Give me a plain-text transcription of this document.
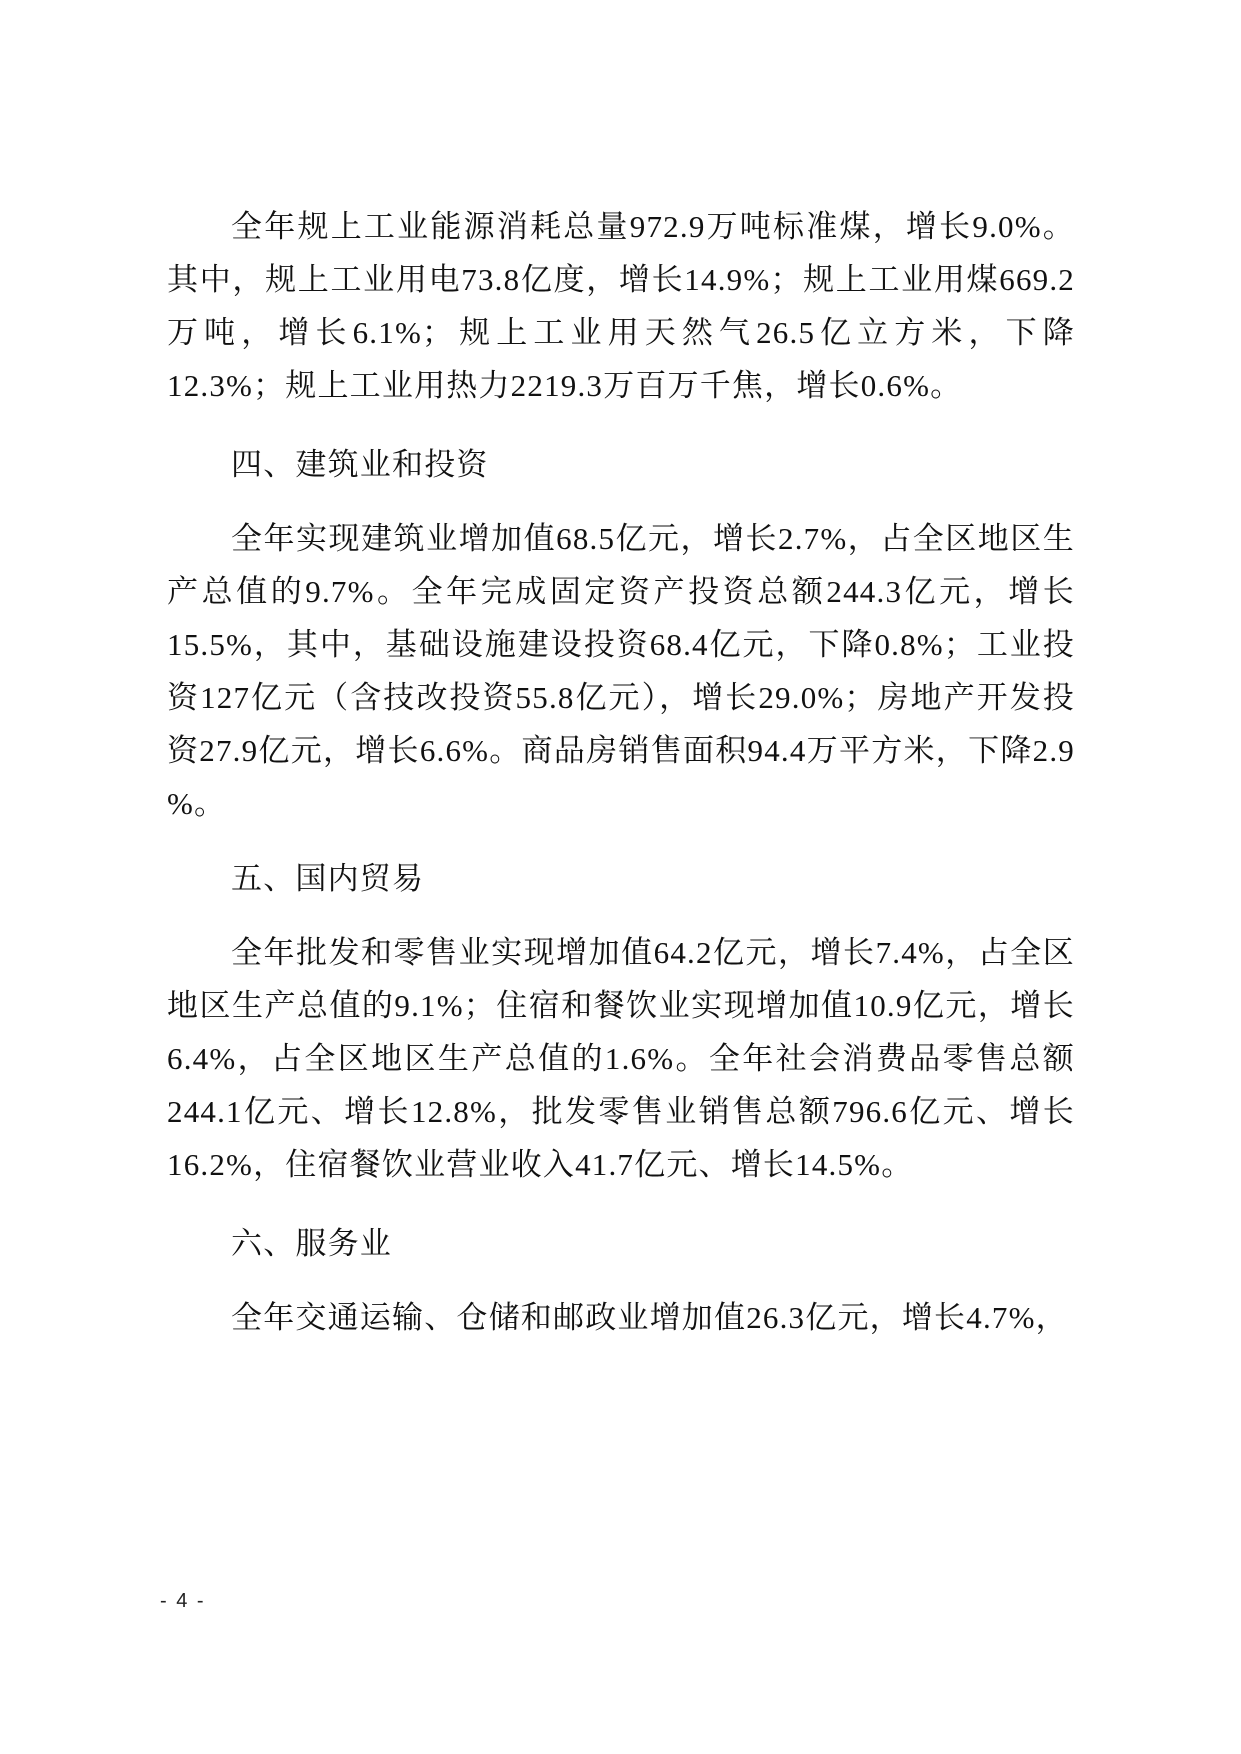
全年规上工业能源消耗总量972.9万吨标准煤，增长9.0%。其中，规上工业用电73.8亿度，增长14.9%；规上工业用煤669.2万吨，增长6.1%；规上工业用天然气26.5亿立方米，下降12.3%；规上工业用热力2219.3万百万千焦，增长0.6%。

四、建筑业和投资

全年实现建筑业增加值68.5亿元，增长2.7%，占全区地区生产总值的9.7%。全年完成固定资产投资总额244.3亿元，增长15.5%，其中，基础设施建设投资68.4亿元，下降0.8%；工业投资127亿元（含技改投资55.8亿元），增长29.0%；房地产开发投资27.9亿元，增长6.6%。商品房销售面积94.4万平方米，下降2.9 %。

五、国内贸易

全年批发和零售业实现增加值64.2亿元，增长7.4%，占全区地区生产总值的9.1%；住宿和餐饮业实现增加值10.9亿元，增长6.4%，占全区地区生产总值的1.6%。全年社会消费品零售总额244.1亿元、增长12.8%，批发零售业销售总额796.6亿元、增长16.2%，住宿餐饮业营业收入41.7亿元、增长14.5%。

六、服务业

全年交通运输、仓储和邮政业增加值26.3亿元，增长4.7%，

- 4 -
